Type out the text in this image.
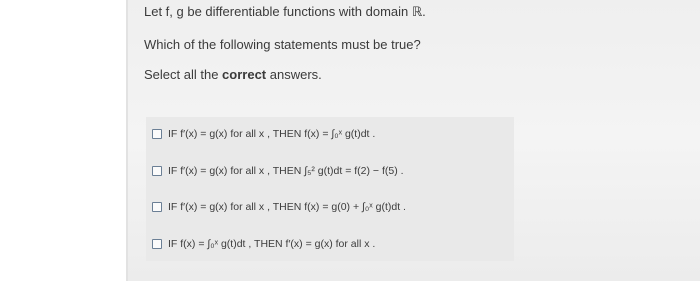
Let f, g be differentiable functions with domain ℝ.
Which of the following statements must be true?
Select all the correct answers.
IF f′(x) = g(x) for all x , THEN f(x) = ∫₀ˣ g(t)dt .
IF f′(x) = g(x) for all x , THEN ∫₅² g(t)dt = f(2) − f(5) .
IF f′(x) = g(x) for all x , THEN f(x) = g(0) + ∫₀ˣ g(t)dt .
IF f(x) = ∫₀ˣ g(t)dt , THEN f′(x) = g(x) for all x .
